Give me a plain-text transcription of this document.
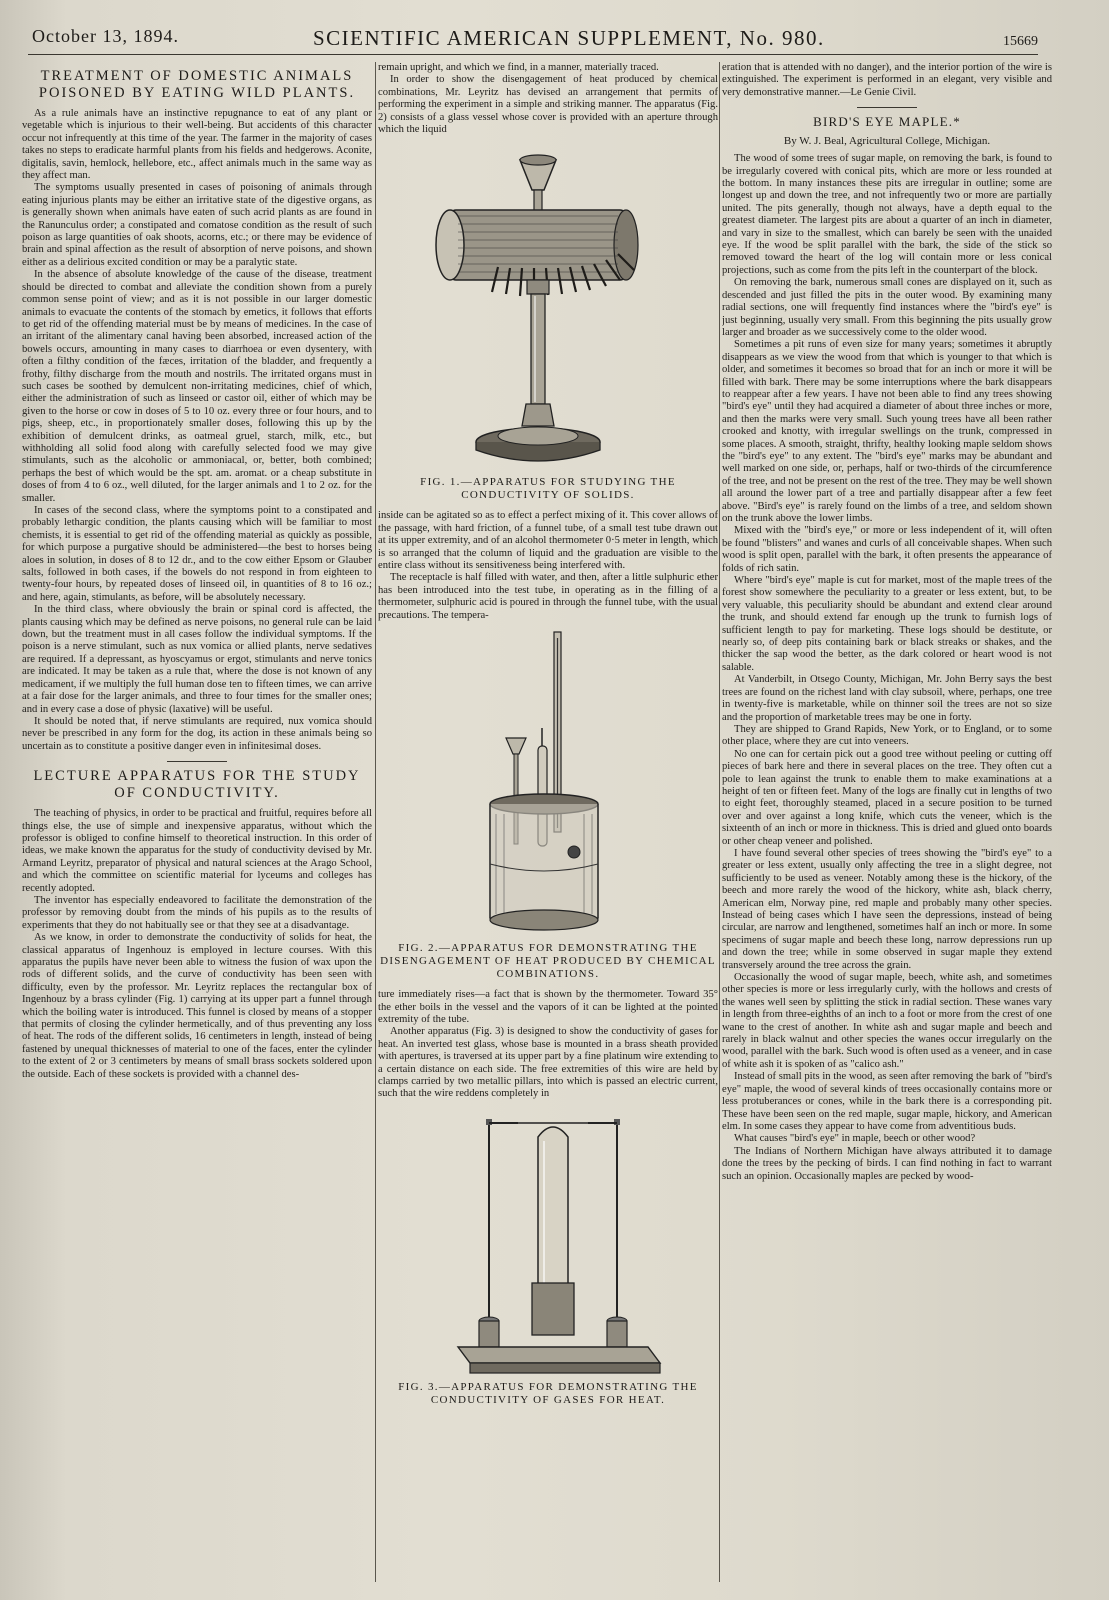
October 13, 1894.	SCIENTIFIC AMERICAN SUPPLEMENT, No. 980.	15669
TREATMENT OF DOMESTIC ANIMALS POISONED BY EATING WILD PLANTS.

As a rule animals have an instinctive repugnance to eat of any plant or vegetable which is injurious to their well-being. But accidents of this character occur not infrequently at this time of the year. The farmer in the majority of cases takes no steps to eradicate harmful plants from his fields and hedgerows. Aconite, digitalis, savin, hemlock, hellebore, etc., affect animals much in the same way as they affect man.

The symptoms usually presented in cases of poisoning of animals through eating injurious plants may be either an irritative state of the digestive organs, as is generally shown when animals have eaten of such acrid plants as are found in the Ranunculus order; a constipated and comatose condition as the result of such poison as large quantities of oak shoots, acorns, etc.; or there may be evidence of brain and spinal affection as the result of absorption of nerve poisons, and shown either as a delirious excited condition or may be a paralytic state.

In the absence of absolute knowledge of the cause of the disease, treatment should be directed to combat and alleviate the condition shown from a purely common sense point of view; and as it is not possible in our larger domestic animals to evacuate the contents of the stomach by emetics, it follows that efforts to get rid of the offending material must be by means of medicines. In the case of an irritant of the alimentary canal having been absorbed, increased action of the bowels occurs, amounting in many cases to diarrhoea or even dysentery, with often a filthy condition of the fæces, irritation of the bladder, and frequently a frothy, filthy discharge from the mouth and nostrils. The irritated organs must in such cases be soothed by demulcent non-irritating medicines, chief of which, either the administration of such as linseed or castor oil, either of which may be given to the horse or cow in doses of 5 to 10 oz. every three or four hours, and to pigs, sheep, etc., in proportionately smaller doses, following this up by the exhibition of demulcent drinks, as oatmeal gruel, starch, milk, etc., but withholding all solid food along with carefully selected food we may give stimulants, such as the alcoholic or ammoniacal, or, better, both combined; perhaps the best of which would be the spt. am. aromat. or a cheap substitute in doses of from 4 to 6 oz., well diluted, for the larger animals and 1 to 2 oz. for the smaller.

In cases of the second class, where the symptoms point to a constipated and probably lethargic condition, the plants causing which will be familiar to most chemists, it is essential to get rid of the offending material as quickly as possible, for which purpose a purgative should be administered—the best to horses being aloes in solution, in doses of 8 to 12 dr., and to the cow either Epsom or Glauber salts, followed in both cases, if the bowels do not respond in from eighteen to twenty-four hours, by repeated doses of linseed oil, in quantities of 8 to 16 oz.; and here, again, stimulants, as before, will be absolutely necessary.

In the third class, where obviously the brain or spinal cord is affected, the plants causing which may be defined as nerve poisons, no general rule can be laid down, but the treatment must in all cases follow the individual symptoms. If the poison is a nerve stimulant, such as nux vomica or allied plants, nerve sedatives are required. If a depressant, as hyoscyamus or ergot, stimulants and nerve tonics are indicated. It may be taken as a rule that, where the dose is not known of any medicament, if we multiply the full human dose ten to fifteen times, we can arrive at a fair dose for the larger animals, and three to four times for the smaller ones; and in every case a dose of physic (laxative) will be useful.

It should be noted that, if nerve stimulants are required, nux vomica should never be prescribed in any form for the dog, its action in these animals being so uncertain as to constitute a positive danger even in infinitesimal doses.

LECTURE APPARATUS FOR THE STUDY OF CONDUCTIVITY.

The teaching of physics, in order to be practical and fruitful, requires before all things else, the use of simple and inexpensive apparatus, without which the professor is obliged to confine himself to theoretical instruction. In this order of ideas, we make known the apparatus for the study of conductivity devised by Mr. Armand Leyritz, preparator of physical and natural sciences at the Arago School, and which the committee on scientific material for lyceums and colleges has recently adopted.

The inventor has especially endeavored to facilitate the demonstration of the professor by removing doubt from the minds of his pupils as to the results of experiments that they do not habitually see or that they see at a disadvantage.

As we know, in order to demonstrate the conductivity of solids for heat, the classical apparatus of Ingenhouz is employed in lecture courses. With this apparatus the pupils have never been able to witness the fusion of wax upon the rods of different solids, and the curve of conductivity has been seen with difficulty, even by the professor. Mr. Leyritz replaces the rectangular box of Ingenhouz by a brass cylinder (Fig. 1) carrying at its upper part a funnel through which the boiling water is introduced. This funnel is closed by means of a stopper that permits of closing the cylinder hermetically, and of thus preventing any loss of heat. The rods of the different solids, 16 centimeters in length, instead of being fastened by unequal thicknesses of material to one of the faces, enter the cylinder to the extent of 2 or 3 centimeters by means of small brass sockets soldered upon the outside. Each of these sockets is provided with a channel des-

remain upright, and which we find, in a manner, materially traced.

In order to show the disengagement of heat produced by chemical combinations, Mr. Leyritz has devised an arrangement that permits of performing the experiment in a simple and striking manner. The apparatus (Fig. 2) consists of a glass vessel whose cover is provided with an aperture through which the liquid

FIG. 1.—APPARATUS FOR STUDYING THE CONDUCTIVITY OF SOLIDS.

inside can be agitated so as to effect a perfect mixing of it. This cover allows of the passage, with hard friction, of a funnel tube, of a small test tube drawn out at its upper extremity, and of an alcohol thermometer 0·5 meter in length, which is so arranged that the column of liquid and the graduation are visible to the entire class without its sensitiveness being interfered with.

The receptacle is half filled with water, and then, after a little sulphuric ether has been introduced into the test tube, in operating as in the filling of a thermometer, sulphuric acid is poured in through the funnel tube, with the usual precautions. The tempera-

FIG. 2.—APPARATUS FOR DEMONSTRATING THE DISENGAGEMENT OF HEAT PRODUCED BY CHEMICAL COMBINATIONS.

ture immediately rises—a fact that is shown by the thermometer. Toward 35° the ether boils in the vessel and the vapors of it can be lighted at the pointed extremity of the tube.

Another apparatus (Fig. 3) is designed to show the conductivity of gases for heat. An inverted test glass, whose base is mounted in a brass sheath provided with apertures, is traversed at its upper part by a fine platinum wire extending to a certain distance on each side. The free extremities of this wire are held by clamps carried by two metallic pillars, into which is passed an electric current, such that the wire reddens completely in

FIG. 3.—APPARATUS FOR DEMONSTRATING THE CONDUCTIVITY OF GASES FOR HEAT.

eration that is attended with no danger), and the interior portion of the wire is extinguished. The experiment is performed in an elegant, very visible and very demonstrative manner.—Le Genie Civil.

BIRD'S EYE MAPLE.*
By W. J. Beal, Agricultural College, Michigan.

The wood of some trees of sugar maple, on removing the bark, is found to be irregularly covered with conical pits, which are more or less rounded at the bottom. In many instances these pits are irregular in outline; some are longest up and down the tree, and not infrequently two or more are partially united. The pits generally, though not always, have a depth equal to the greatest diameter. The largest pits are about a quarter of an inch in diameter, and vary in size to the smallest, which can barely be seen with the unaided eye. If the wood be split parallel with the bark, the side of the stick so removed toward the heart of the log will contain more or less conical projections, such as come from the pits left in the counterpart of the block.

On removing the bark, numerous small cones are displayed on it, such as descended and just filled the pits in the outer wood. By examining many radial sections, one will frequently find instances where the "bird's eye" is just beginning, usually very small. From this beginning the pits usually grow larger and broader as we successively come to the older wood.

Sometimes a pit runs of even size for many years; sometimes it abruptly disappears as we view the wood from that which is younger to that which is older, and sometimes it becomes so broad that for an inch or more it will be filled with bark. There may be some interruptions where the bark disappears to reappear after a few years. I have not been able to find any trees showing "bird's eye" until they had acquired a diameter of about three inches or more, and then the marks were very small. Such young trees have all been rather crooked and knotty, with irregular swellings on the trunk, compressed in some places. A smooth, straight, thrifty, healthy looking maple seldom shows the "bird's eye" to any extent. The "bird's eye" marks may be abundant and well marked on one side, or, perhaps, half or two-thirds of the circumference of the tree, and not be present on the rest of the tree. They may be well shown all around the lower part of a tree and partially disappear after a few feet above. "Bird's eye" is rarely found on the limbs of a tree, and seldom shown on the trunk above the lower limbs.

Mixed with the "bird's eye," or more or less independent of it, will often be found "blisters" and wanes and curls of all conceivable shapes. When such wood is split open, parallel with the bark, it often presents the appearance of folds of rich satin.

Where "bird's eye" maple is cut for market, most of the maple trees of the forest show somewhere the peculiarity to a greater or less extent, but, to be very valuable, this peculiarity should be abundant and extend clear around the trunk, and should extend far enough up the trunk to furnish logs of sufficient length to pay for marketing. These logs should be destitute, or nearly so, of deep pits containing bark or black streaks or shakes, and the thicker the sap wood the better, as the dark colored or heart wood is not salable.

At Vanderbilt, in Otsego County, Michigan, Mr. John Berry says the best trees are found on the richest land with clay subsoil, where, perhaps, one tree in twenty-five is marketable, while on thinner soil the trees are not so size and the proportion of marketable trees may be one in forty.

They are shipped to Grand Rapids, New York, or to England, or to some other place, where they are cut into veneers.

No one can for certain pick out a good tree without peeling or cutting off pieces of bark here and there in several places on the tree. They often cut a pole to lean against the trunk to enable them to make examinations at a height of ten or fifteen feet. Many of the logs are finally cut in lengths of two to eight feet, thoroughly steamed, placed in a secure position to be turned over and over against a long knife, which cuts the veneer, which is the sixteenth of an inch or more in thickness. This is dried and glued onto boards or other cheap veneer and polished.

I have found several other species of trees showing the "bird's eye" to a greater or less extent, usually only affecting the tree in a slight degree, not sufficiently to be used as veneer. Notably among these is the hickory, of the beech and more rarely the wood of the hickory, white ash, black cherry, American elm, Norway pine, red maple and probably many other species. Instead of being cases which I have seen the depressions, instead of being circular, are narrow and lengthened, sometimes half an inch or more. In some specimens of sugar maple and beech these long, narrow depressions run up and down the tree; while in some observed in sugar maple they extend transversely around the tree across the grain.

Occasionally the wood of sugar maple, beech, white ash, and sometimes other species is more or less irregularly curly, with the hollows and crests of the wanes well seen by splitting the stick in radial section. These wanes vary in length from three-eighths of an inch to a foot or more from the crest of one wane to the crest of another. In white ash and sugar maple and beech and rarely in black walnut and other species the wanes occur irregularly on the wood, parallel with the bark. Such wood is often used as a veneer, and in case of white ash it is spoken of as "calico ash."

Instead of small pits in the wood, as seen after removing the bark of "bird's eye" maple, the wood of several kinds of trees occasionally contains more or less protuberances or cones, while in the bark there is a corresponding pit. These have been seen on the red maple, sugar maple, hickory, and American elm. In some cases they appear to have come from adventitious buds.

What causes "bird's eye" in maple, beech or other wood?

The Indians of Northern Michigan have always attributed it to damage done the trees by the pecking of birds. I can find nothing in fact to warrant such an opinion. Occasionally maples are pecked by wood-
